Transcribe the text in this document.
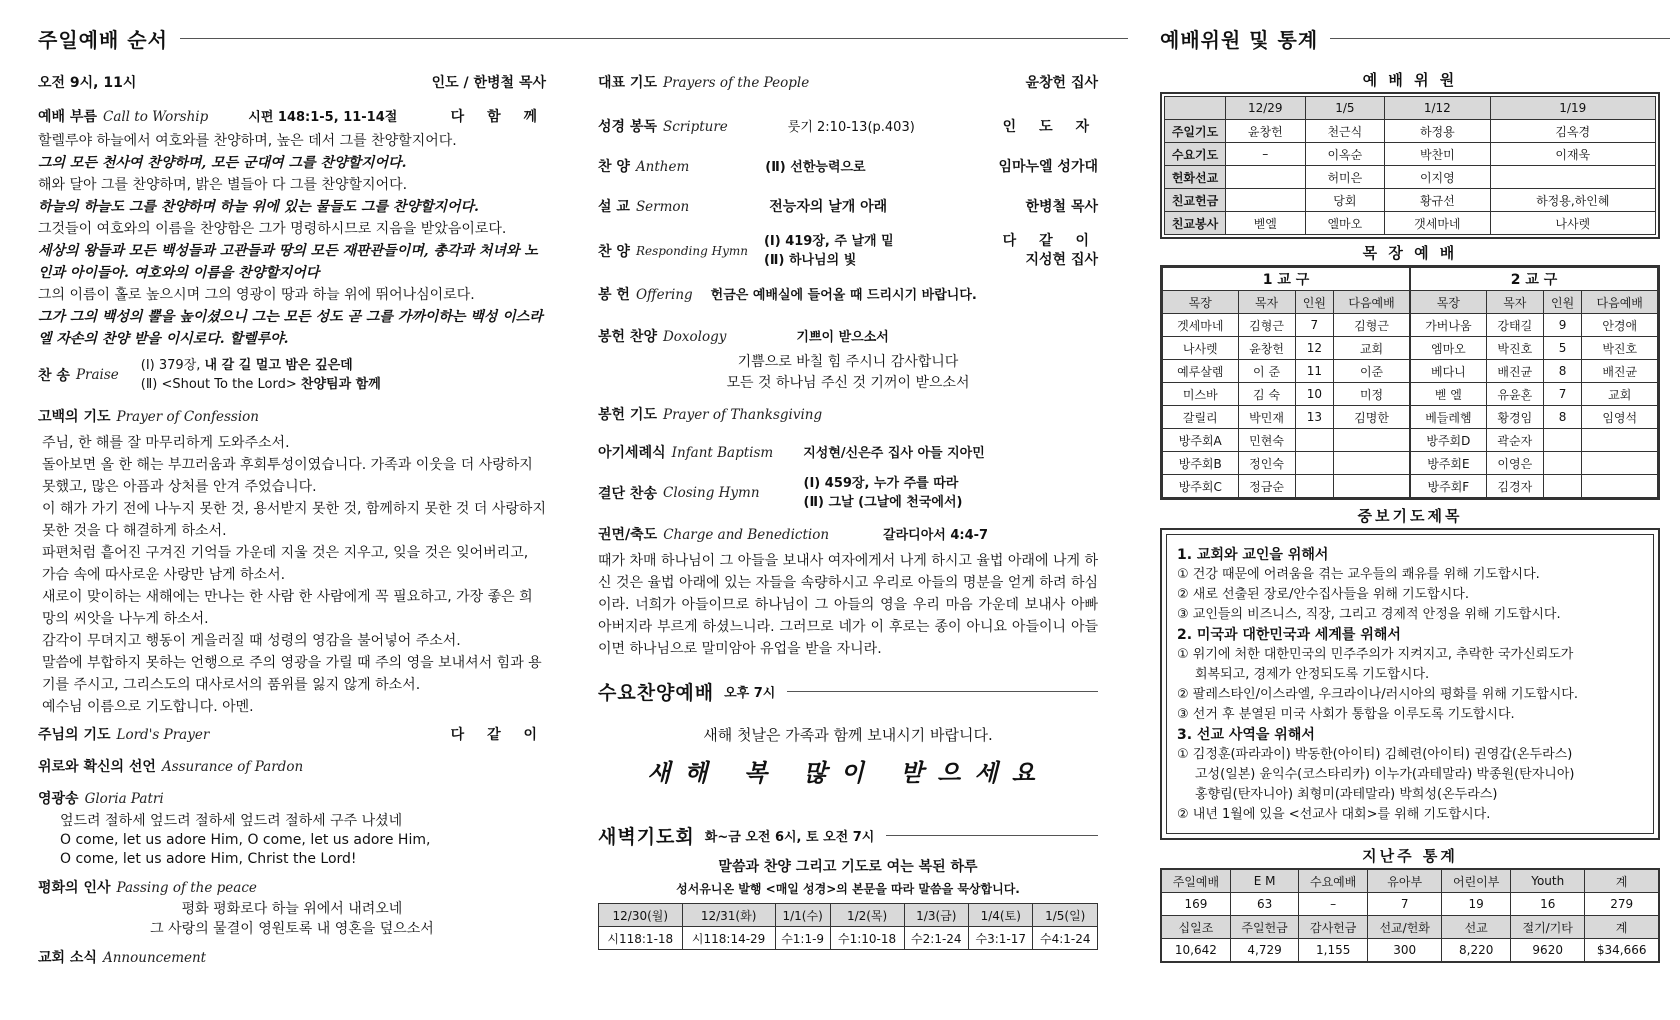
주일예배 순서
오전 9시, 11시	인도 / 한병철 목사
예배 부름 Call to Worship	시편 148:1-5, 11-14절	다 함 께
할렐루야 하늘에서 여호와를 찬양하며, 높은 데서 그를 찬양할지어다.
그의 모든 천사여 찬양하며, 모든 군대여 그를 찬양할지어다.
해와 달아 그를 찬양하며, 밝은 별들아 다 그를 찬양할지어다.
하늘의 하늘도 그를 찬양하며 하늘 위에 있는 물들도 그를 찬양할지어다.
그것들이 여호와의 이름을 찬양함은 그가 명령하시므로 지음을 받았음이로다.
세상의 왕들과 모든 백성들과 고관들과 땅의 모든 재판관들이며, 총각과 처녀와 노인과 아이들아. 여호와의 이름을 찬양할지어다
그의 이름이 홀로 높으시며 그의 영광이 땅과 하늘 위에 뛰어나심이로다.
그가 그의 백성의 뿔을 높이셨으니 그는 모든 성도 곧 그를 가까이하는 백성 이스라엘 자손의 찬양 받을 이시로다. 할렐루야.
찬 송 Praise
(Ⅰ) 379장, 내 갈 길 멀고 밤은 깊은데
(Ⅱ) <Shout To the Lord> 찬양팀과 함께
고백의 기도 Prayer of Confession
주님, 한 해를 잘 마무리하게 도와주소서.
돌아보면 올 한 해는 부끄러움과 후회투성이였습니다. 가족과 이웃을 더 사랑하지 못했고, 많은 아픔과 상처를 안겨 주었습니다.
이 해가 가기 전에 나누지 못한 것, 용서받지 못한 것, 함께하지 못한 것 더 사랑하지 못한 것을 다 해결하게 하소서.
파편처럼 흩어진 구겨진 기억들 가운데 지울 것은 지우고, 잊을 것은 잊어버리고, 가슴 속에 따사로운 사랑만 남게 하소서.
새로이 맞이하는 새해에는 만나는 한 사람 한 사람에게 꼭 필요하고, 가장 좋은 희망의 씨앗을 나누게 하소서.
감각이 무뎌지고 행동이 게을러질 때 성령의 영감을 불어넣어 주소서.
말씀에 부합하지 못하는 언행으로 주의 영광을 가릴 때 주의 영을 보내셔서 힘과 용기를 주시고, 그리스도의 대사로서의 품위를 잃지 않게 하소서.
예수님 이름으로 기도합니다. 아멘.
주님의 기도 Lord's Prayer	다 같 이
위로와 확신의 선언 Assurance of Pardon
영광송 Gloria Patri
엎드려 절하세 엎드려 절하세 엎드려 절하세 구주 나셨네
O come, let us adore Him, O come, let us adore Him,
O come, let us adore Him, Christ the Lord!
평화의 인사 Passing of the peace
평화 평화로다 하늘 위에서 내려오네
그 사랑의 물결이 영원토록 내 영혼을 덮으소서
교회 소식 Announcement
대표 기도 Prayers of the People	윤창헌 집사
성경 봉독 Scripture	룻기 2:10-13(p.403)	인 도 자
찬 양 Anthem	(Ⅱ) 선한능력으로	임마누엘 성가대
설 교 Sermon	전능자의 날개 아래	한병철 목사
찬 양 Responding Hymn
(Ⅰ) 419장, 주 날개 밑
(Ⅱ) 하나님의 빛
다 같 이
지성현 집사
봉 헌 Offering 헌금은 예배실에 들어올 때 드리시기 바랍니다.
봉헌 찬양 Doxology	기쁘이 받으소서
기쁨으로 바칠 힘 주시니 감사합니다
모든 것 하나님 주신 것 기꺼이 받으소서
봉헌 기도 Prayer of Thanksgiving
아기세례식 Infant Baptism 지성현/신은주 집사 아들 지아민
결단 찬송 Closing Hymn
(Ⅰ) 459장, 누가 주를 따라
(Ⅱ) 그날 (그날에 천국에서)
권면/축도 Charge and Benediction	갈라디아서 4:4-7
때가 차매 하나님이 그 아들을 보내사 여자에게서 나게 하시고 율법 아래에 나게 하신 것은 율법 아래에 있는 자들을 속량하시고 우리로 아들의 명분을 얻게 하려 하심이라. 너희가 아들이므로 하나님이 그 아들의 영을 우리 마음 가운데 보내사 아빠 아버지라 부르게 하셨느니라. 그러므로 네가 이 후로는 종이 아니요 아들이니 아들이면 하나님으로 말미암아 유업을 받을 자니라.
수요찬양예배 오후 7시
새해 첫날은 가족과 함께 보내시기 바랍니다.
새해 복 많이 받으세요
새벽기도회 화~금 오전 6시, 토 오전 7시
말씀과 찬양 그리고 기도로 여는 복된 하루
성서유니온 발행 <매일 성경>의 본문을 따라 말씀을 묵상합니다.
12/30(월)	12/31(화)	1/1(수)	1/2(목)	1/3(금)	1/4(토)	1/5(일)
시118:1-18	시118:14-29	수1:1-9	수1:10-18	수2:1-24	수3:1-17	수4:1-24
예배위원 및 통계
예 배 위 원
	12/29	1/5	1/12	1/19
주일기도	윤창헌	천근식	하정용	김옥경
수요기도	–	이옥순	박찬미	이재욱
헌화선교		허미은	이지영	
친교헌금		당회	황규선	하정용,하인혜
친교봉사	벧엘	엘마오	갯세마네	나사렛
목 장 예 배
1 교 구				2 교 구			
목장	목자	인원	다음예배	목장	목자	인원	다음예배
겟세마네	김형근	7	김형근	가버나움	강태길	9	안경애
나사렛	윤창헌	12	교회	엠마오	박진호	5	박진호
예루살렘	이 준	11	이준	베다니	배진균	8	배진균
미스바	김 숙	10	미정	벧 엘	유윤혼	7	교회
갈릴리	박민재	13	김명한	베들레헴	황경임	8	임영석
방주회A	민현숙			방주회D	곽순자		
방주회B	정인숙			방주회E	이영은		
방주회C	정금순			방주회F	김경자		
중보기도제목
1. 교회와 교인을 위해서
① 건강 때문에 어려움을 겪는 교우들의 쾌유를 위해 기도합시다.
② 새로 선출된 장로/안수집사들을 위해 기도합시다.
③ 교인들의 비즈니스, 직장, 그리고 경제적 안정을 위해 기도합시다.
2. 미국과 대한민국과 세계를 위해서
① 위기에 처한 대한민국의 민주주의가 지켜지고, 추락한 국가신뢰도가
회복되고, 경제가 안정되도록 기도합시다.
② 팔레스타인/이스라엘, 우크라이나/러시아의 평화를 위해 기도합시다.
③ 선거 후 분열된 미국 사회가 통합을 이루도록 기도합시다.
3. 선교 사역을 위해서
① 김정훈(파라과이) 박동한(아이티) 김혜련(아이티) 권영갑(온두라스)
고성(일본) 윤익수(코스타리카) 이누가(과테말라) 박종원(탄자니아)
홍향림(탄자니아) 최형미(과테말라) 박희성(온두라스)
② 내년 1월에 있을 <선교사 대회>를 위해 기도합시다.
지난주 통계
주일예배	E M	수요예배	유아부	어린이부	Youth	계
169	63	–	7	19	16	279
십일조	주일헌금	감사헌금	선교/헌화	선교	절기/기타	계
10,642	4,729	1,155	300	8,220	9620	$34,666
